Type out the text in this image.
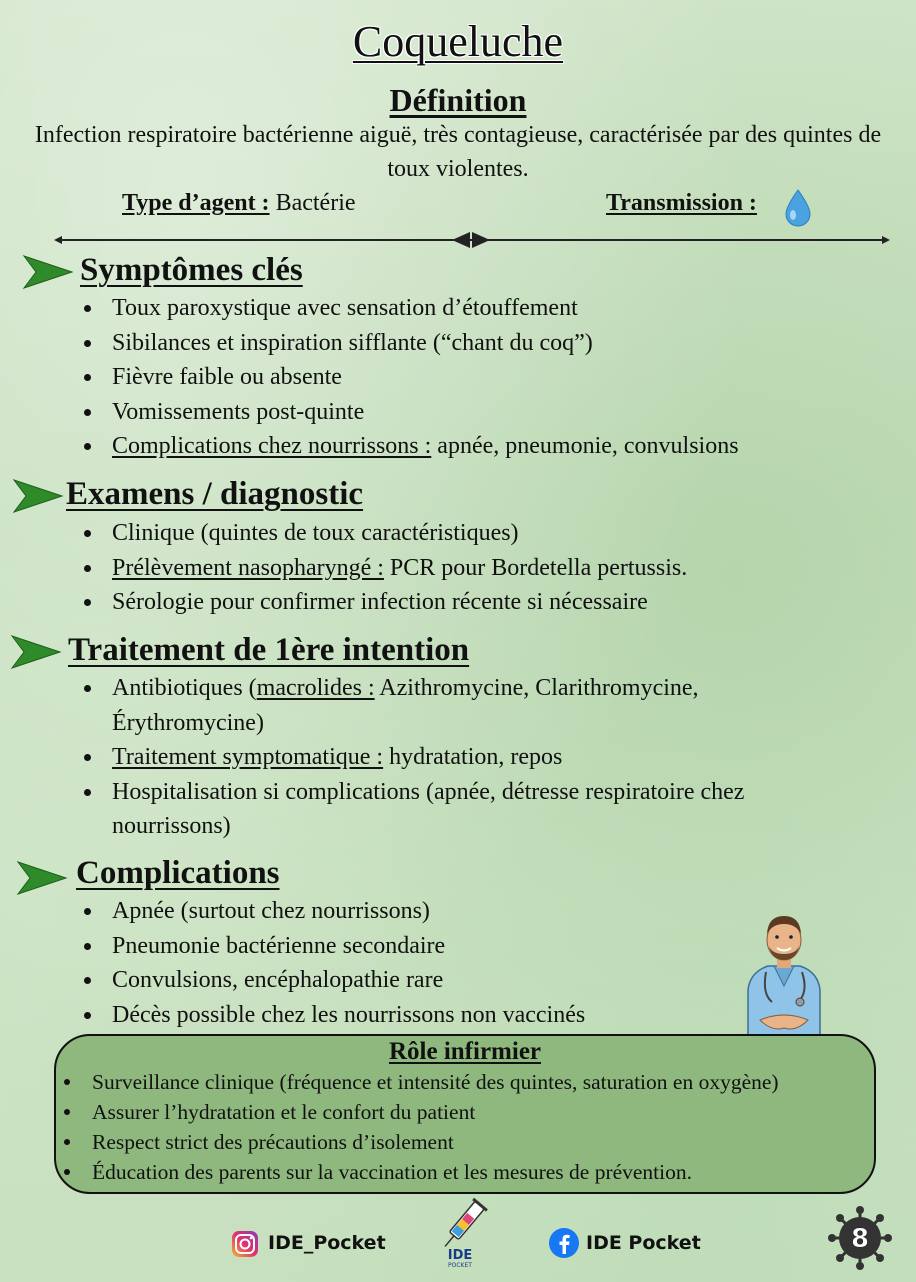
Coqueluche
Définition
Infection respiratoire bactérienne aiguë, très contagieuse, caractérisée par des quintes de toux violentes.
Type d’agent : Bactérie	Transmission :
Symptômes clés
Toux paroxystique avec sensation d’étouffement
Sibilances et inspiration sifflante (“chant du coq”)
Fièvre faible ou absente
Vomissements post-quinte
Complications chez nourrissons : apnée, pneumonie, convulsions
Examens / diagnostic
Clinique (quintes de toux caractéristiques)
Prélèvement nasopharyngé : PCR pour Bordetella pertussis.
Sérologie pour confirmer infection récente si nécessaire
Traitement de 1ère intention
Antibiotiques (macrolides : Azithromycine, Clarithromycine, Érythromycine)
Traitement symptomatique : hydratation, repos
Hospitalisation si complications (apnée, détresse respiratoire chez nourrissons)
Complications
Apnée (surtout chez nourrissons)
Pneumonie bactérienne secondaire
Convulsions, encéphalopathie rare
Décès possible chez les nourrissons non vaccinés
Rôle infirmier
Surveillance clinique (fréquence et intensité des quintes, saturation en oxygène)
Assurer l’hydratation et le confort du patient
Respect strict des précautions d’isolement
Éducation des parents sur la vaccination et les mesures de prévention.
IDE_Pocket
IDE
POCKET
IDE Pocket	8
